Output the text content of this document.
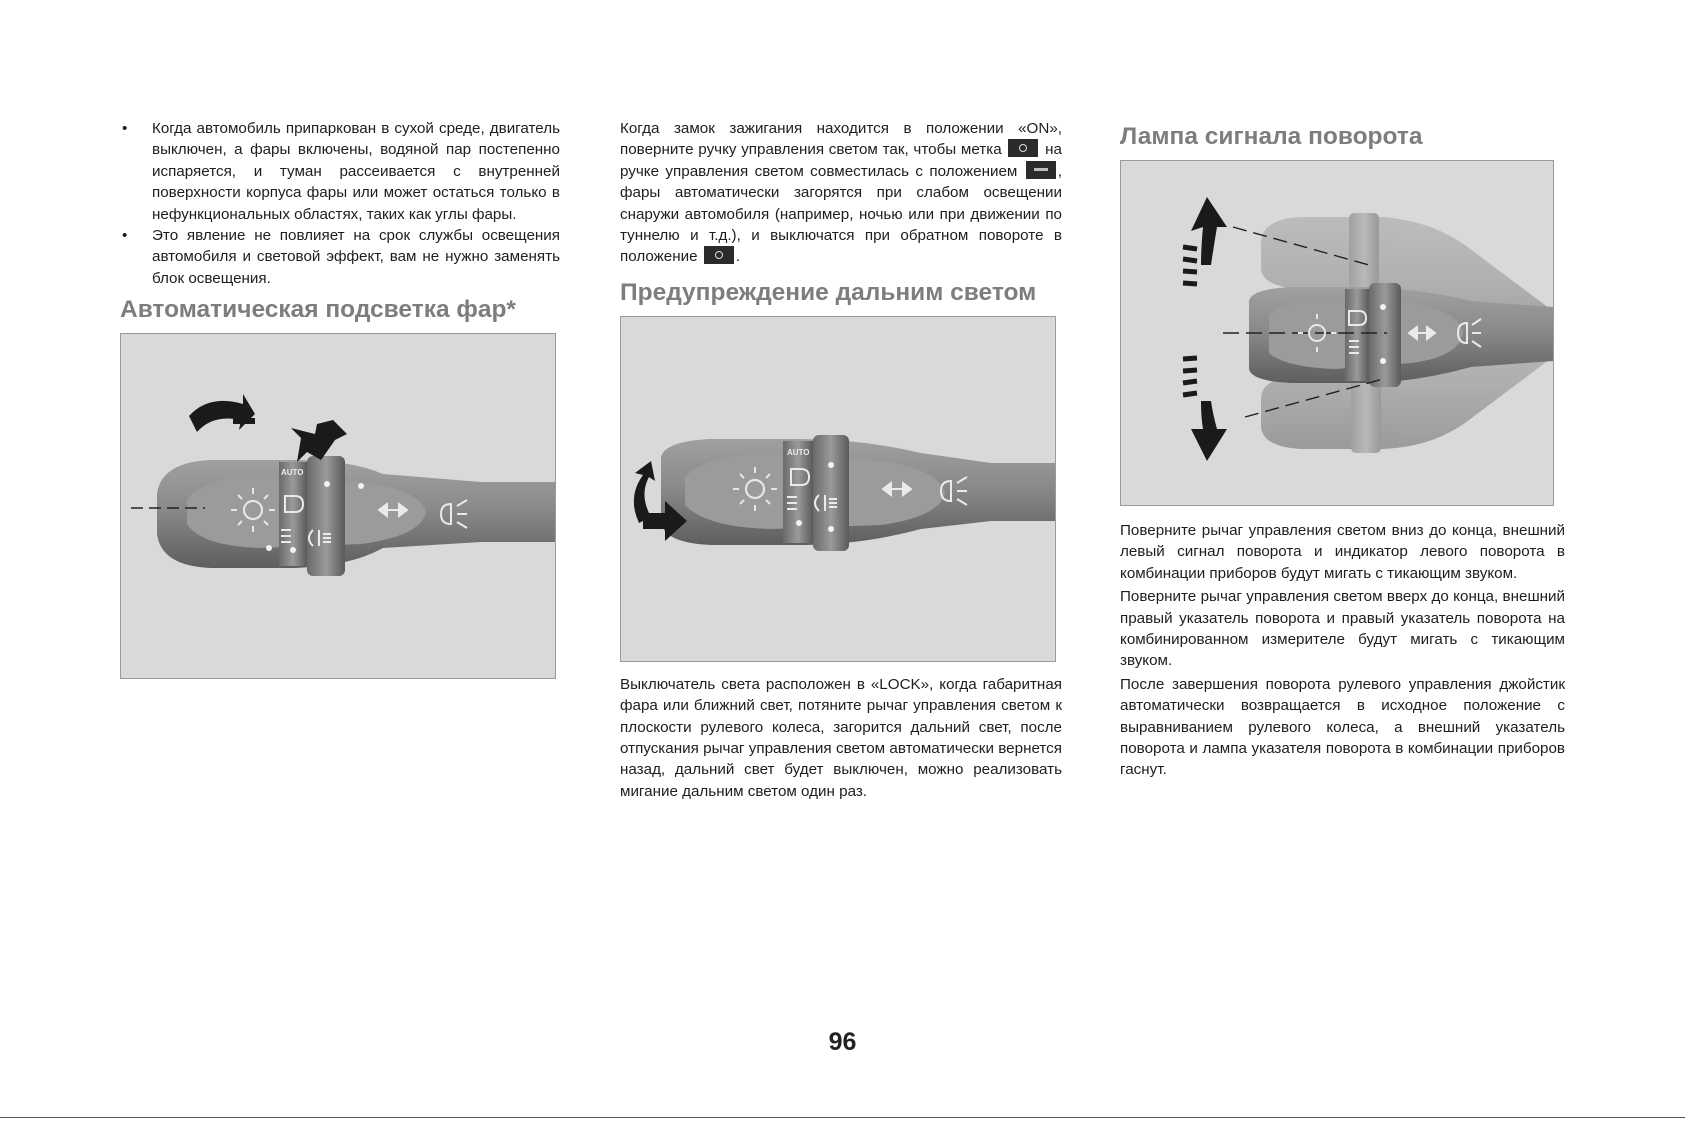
• Когда автомобиль припаркован в сухой среде, двигатель выключен, а фары включены, водяной пар постепенно испаряется, и туман рассеивается с внутренней поверхности корпуса фары или может остаться только в нефункциональных областях, таких как углы фары.
• Это явление не повлияет на срок службы освещения автомобиля и световой эффект, вам не нужно заменять блок освещения.
Автоматическая подсветка фар*
AUTO

Когда замок зажигания находится в положении «ON», поверните ручку управления светом так, чтобы метка	на ручке управления светом совместилась с положением	, фары автоматически загорятся при слабом освещении снаружи автомобиля (например, ночью или при движении по туннелю и т.д.), и выключатся при обратном повороте в положение	.

Предупреждение дальним светом
AUTO

Выключатель света расположен в «LOCK», когда габаритная фара или ближний свет, потяните рычаг управления светом к плоскости рулевого колеса, загорится дальний свет, после отпускания рычаг управления светом автоматически вернется назад, дальний свет будет выключен, можно реализовать мигание дальним светом один раз.

Лампа сигнала поворота

Поверните рычаг управления светом вниз до конца, внешний левый сигнал поворота и индикатор левого поворота в комбинации приборов будут мигать с тикающим звуком.

Поверните рычаг управления светом вверх до конца, внешний правый указатель поворота и правый указатель поворота на комбинированном измерителе будут мигать с тикающим звуком.

После завершения поворота рулевого управления джойстик автоматически возвращается в исходное положение с выравниванием рулевого колеса, а внешний указатель поворота и лампа указателя поворота в комбинации приборов гаснут.

96
